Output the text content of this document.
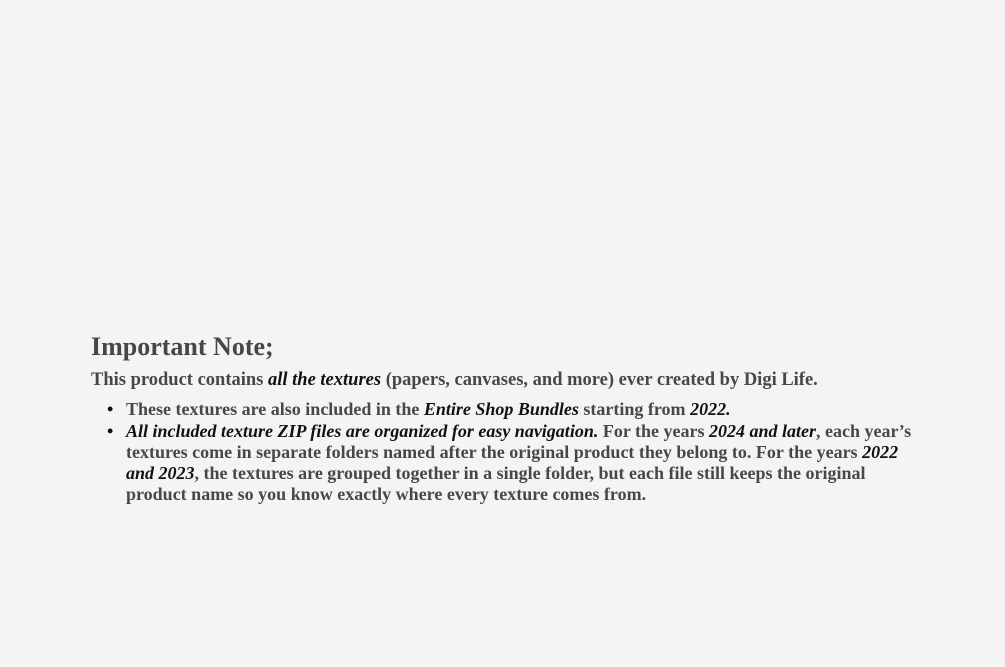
Important Note;

This product contains all the textures (papers, canvases, and more) ever created by Digi Life.

• These textures are also included in the Entire Shop Bundles starting from 2022.
• All included texture ZIP files are organized for easy navigation. For the years 2024 and later, each year’s textures come in separate folders named after the original product they belong to. For the years 2022 and 2023, the textures are grouped together in a single folder, but each file still keeps the original product name so you know exactly where every texture comes from.
